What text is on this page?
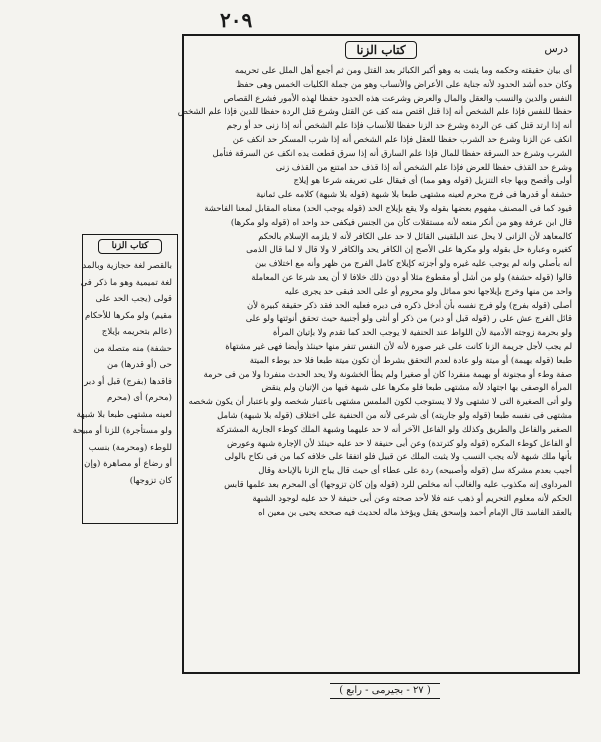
٢٠٩
درس
كتاب الزنا

أى بيان حقيقته وحكمه وما يثبت به وهو أكبر الكبائر بعد القتل ومن ثم أجمع أهل الملل على تحريمه

وكان حده أشد الحدود لأنه جناية على الأعراض والأنساب وهو من جملة الكليات الخمس وهى حفظ

النفس والدين والنسب والعقل والمال والعرض وشرعت هذه الحدود حفظا لهذه الأمور فشرع القصاص

حفظا للنفس فإذا علم الشخص أنه إذا قتل اقتص منه كف عن القتل وشرع قتل الردة حفظا للدين فإذا علم الشخص

أنه إذا ارتد قتل كف عن الردة وشرع حد الزنا حفظا للأنساب فإذا علم الشخص أنه إذا زنى حد أو رجم

انكف عن الزنا وشرع حد الشرب حفظا للعقل فإذا علم الشخص أنه إذا شرب المسكر حد انكف عن

الشرب وشرع حد السرقة حفظا للمال فإذا علم السارق أنه إذا سرق قطعت يده انكف عن السرقة فتأمل

وشرع حد القذف حفظا للعرض فإذا علم الشخص أنه إذا قذف حد امتنع من القذف زنى

أولى وأفصح وبها جاء التنزيل (قوله وهو مما) أى فيقال على تعريفه شرعا هو إيلاج

حشفة أو قدرها فى فرج محرم لعينه مشتهى طبعا بلا شبهة (قوله بلا شبهة) كلامه على ثمانية

قيود كما فى المصنف مفهوم بعضها بقوله ولا يقع بإيلاج الحد (قوله يوجب الحد) معناه المقابل لمعنا الفاحشة

قال ابن عرفة وهو من أنكر منعه لأنه مستقلات كأن من الجنس فيكفى حد واحد اه (قوله ولو مكرها)

كالمعاهد لأن الزانى لا يحل عند البلقينى القائل لا حد على الكافر لأنه لا يلزمه الإسلام بالحكم

كغيره وعبارة حل بقوله ولو مكرها على الأصح إن الكافر يحد والكافر لا ولا قال لا لما قال الذمى

أنه بأصلي وانه لم يوجب عليه غيره ولو أجزته كإيلاج كامل الفرج من ظهر وأنه مع اختلاف بين

قالوا (قوله حشفة) ولو من أشل أو مقطوع مثلا أو دون ذلك خلافا لا أن يعد شرعا عن المعاملة

واحد من منها وخرج بإيلاجها نحو مماثل ولو محروم أو على الحد فبقى حد يجرى عليه

أصلى (قوله بفرج) ولو فرج نفسه بأن أدخل ذكره فى دبره فعليه الحد فقد ذكر حقيقة كبيرة لأن

قائل الفرج عش على ر (قوله قبل أو دبر) من ذكر أو أنثى ولو أجنبية حيث تحقق أنوثتها ولو على

ولو بحرمة زوجته الأدمية لأن اللواط عند الحنفية لا يوجب الحد كما تقدم ولا بإتيان المرأة

لم يجب لأجل جريمة الزنا كانت على غير صورة لأنه لأن النفس تنفر منها حينئذ وأيضا فهى غير مشتهاة

طبعا (قوله بهيمة) أو ميتة ولو عادة لعدم التحقق بشرط أن تكون ميتة طبعا فلا حد بوطء الميتة

صفة وطء أو مجنونة أو بهيمة منفردا كان أو صغيرا ولم يطأ الخشونة ولا يحد الحدث منفردا ولا من فى حرمة

المرأة الوصفى بها اجتهاد لأنه مشتهى طبعا فلو مكرها على شبهة فيها من الإتيان ولم ينقض

ولو أتى الصغيرة التى لا تشتهى ولا لا يستوجب لكون الملمس مشتهى باعتبار شخصه ولو باعتبار أن يكون شخصه

مشتهى فى نفسه طبعا (قوله ولو جاريته) أى شرعى لأنه من الحنفية على اختلاف (قوله بلا شبهة) شامل

الصغير والفاعل والطريق وكذلك ولو الفاعل الآخر أنه لا حد عليهما وشبهة الملك كوطء الجارية المشتركة

أو الفاعل كوطء المكره (قوله ولو كترتدة) وعن أبى حنيفة لا حد عليه حينئذ لأن الإجارة شبهة وعورض

بأنها ملك شبهة لأنه يجب النسب ولا يثبت الملك عن قبيل فلو اتفقا على خلافه كما من فى نكاح بالولى

أجيب بعدم مشركة سل (قوله وأصبيحه) ردة على عطاء أى حيث قال يباح الزنا بالإباحة وقال

المرداوى إنه مكذوب عليه والغالب أنه مخلص للرد (قوله وإن كان تزوجها) أى المحرم بعد علمها قابس

الحكم لأنه معلوم التحريم أو ذهب عنه فلا لأحد صحته وعن أبى حنيفة لا حد عليه لوجود الشبهة

بالعقد الفاسد قال الإمام أحمد وإسحق يقتل ويؤخذ ماله لحديث فيه صححه يحيى بن معين اه

كتاب الزنا

بالقصر لغة حجازية وبالمد

لغة تميمية وهو ما ذكر فى

قولى (يجب الحد على

مقيم) ولو مكرها للأحكام

(عالم بتحريمه بإيلاج

حشفة) منه متصلة من

حى (أو قدرها) من

فاقدها (بفرج) قبل أو دبر

(محرم) أى (محرم

لعينه مشتهى طبعا بلا شبهة

ولو مستأجرة) للزنا أو مبيحة

للوطء (ومحرمة) بنسب

أو رضاع أو مصاهرة (وإن

كان تزوجها)

( ٢٧ - بجيرمى - رابع )
